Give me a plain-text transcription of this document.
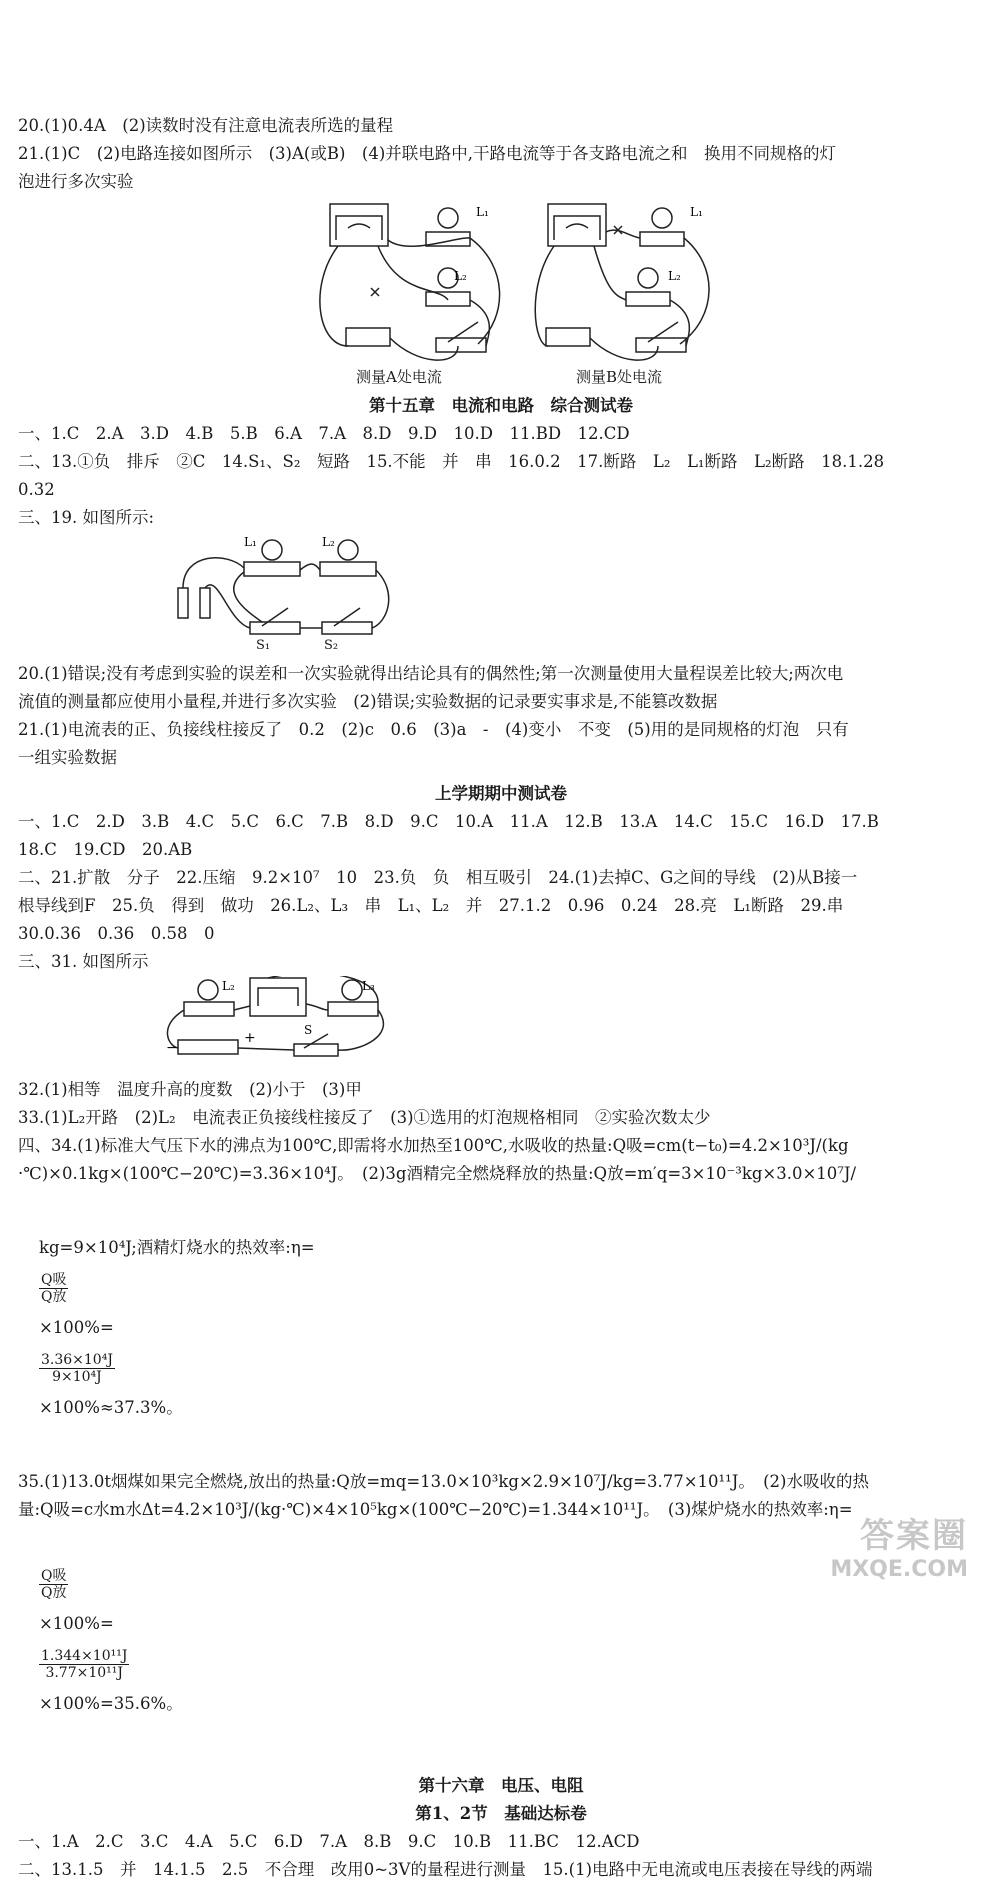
20.(1)0.4A　(2)读数时没有注意电流表所选的量程
21.(1)C　(2)电路连接如图所示　(3)A(或B)　(4)并联电路中,干路电流等于各支路电流之和　换用不同规格的灯
泡进行多次实验
L₁
L₂
L₁
L₂
测量A处电流	测量B处电流
第十五章　电流和电路　综合测试卷
一、1.C　2.A　3.D　4.B　5.B　6.A　7.A　8.D　9.D　10.D　11.BD　12.CD
二、13.①负　排斥　②C　14.S₁、S₂　短路　15.不能　并　串　16.0.2　17.断路　L₂　L₁断路　L₂断路　18.1.28
0.32
三、19. 如图所示:
L₁	L₂

S₁

	S₂

20.(1)错误;没有考虑到实验的误差和一次实验就得出结论具有的偶然性;第一次测量使用大量程误差比较大;两次电
流值的测量都应使用小量程,并进行多次实验　(2)错误;实验数据的记录要实事求是,不能篡改数据
21.(1)电流表的正、负接线柱接反了　0.2　(2)c　0.6　(3)a　-　(4)变小　不变　(5)用的是同规格的灯泡　只有
一组实验数据
上学期期中测试卷
一、1.C　2.D　3.B　4.C　5.C　6.C　7.B　8.D　9.C　10.A　11.A　12.B　13.A　14.C　15.C　16.D　17.B
18.C　19.CD　20.AB
二、21.扩散　分子　22.压缩　9.2×10⁷　10　23.负　负　相互吸引　24.(1)去掉C、G之间的导线　(2)从B接一
根导线到F　25.负　得到　做功　26.L₂、L₃　串　L₁、L₂　并　27.1.2　0.96　0.24　28.亮　L₁断路　29.串
30.0.36　0.36　0.58　0
三、31. 如图所示
L₂	L₃
S
−
+
32.(1)相等　温度升高的度数　(2)小于　(3)甲
33.(1)L₂开路　(2)L₂　电流表正负接线柱接反了　(3)①选用的灯泡规格相同　②实验次数太少
四、34.(1)标准大气压下水的沸点为100℃,即需将水加热至100℃,水吸收的热量:Q吸=cm(t−t₀)=4.2×10³J/(kg
·℃)×0.1kg×(100℃−20℃)=3.36×10⁴J。　(2)3g酒精完全燃烧释放的热量:Q放=m′q=3×10⁻³kg×3.0×10⁷J/

kg=9×10⁴J;酒精灯烧水的热效率:η=

$\frac{\text{Q吸}}{\text{Q放}}$

×100%=

$\frac{\text{3.36×10⁴J}}{\text{9×10⁴J}}$

×100%≈37.3%。

35.(1)13.0t烟煤如果完全燃烧,放出的热量:Q放=mq=13.0×10³kg×2.9×10⁷J/kg=3.77×10¹¹J。　(2)水吸收的热
量:Q吸=c水m水Δt=4.2×10³J/(kg·℃)×4×10⁵kg×(100℃−20℃)=1.344×10¹¹J。　(3)煤炉烧水的热效率:η=

$\frac{\text{Q吸}}{\text{Q放}}$

×100%=

$\frac{\text{1.344×10¹¹J}}{\text{3.77×10¹¹J}}$

×100%=35.6%。

第十六章　电压、电阻
第1、2节　基础达标卷
一、1.A　2.C　3.C　4.A　5.C　6.D　7.A　8.B　9.C　10.B　11.BC　12.ACD
二、13.1.5　并　14.1.5　2.5　不合理　改用0~3V的量程进行测量　15.(1)电路中无电流或电压表接在导线的两端
答案圈
MXQE.COM
